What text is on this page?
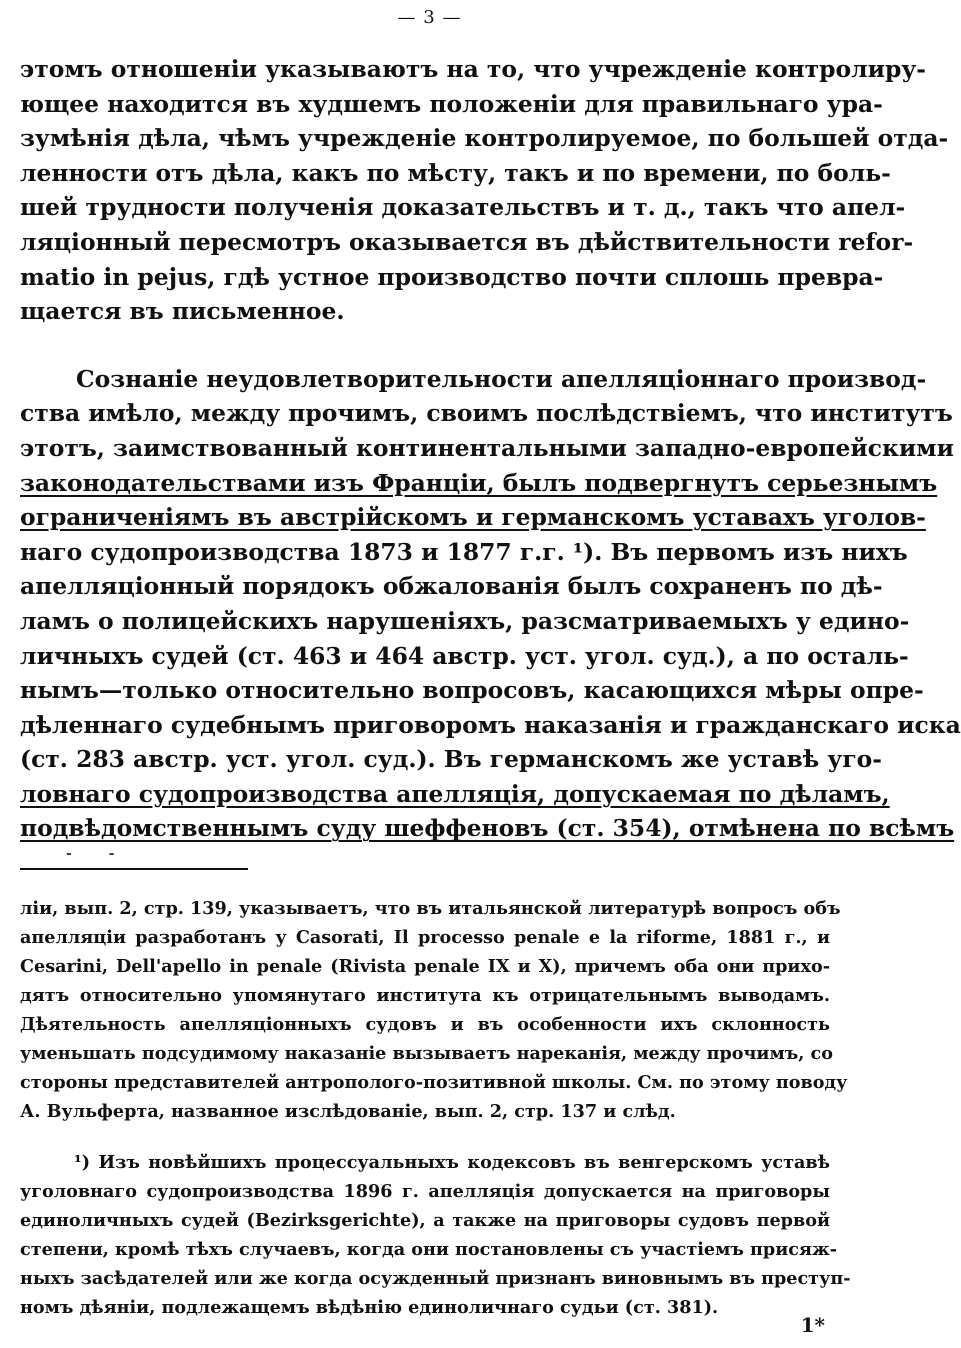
— 3 —
этомъ отношеніи указываютъ на то, что учрежденіе контролиру-
ющее находится въ худшемъ положеніи для правильнаго ура-
зумѣнія дѣла, чѣмъ учрежденіе контролируемое, по большей отда-
ленности отъ дѣла, какъ по мѣсту, такъ и по времени, по боль-
шей трудности полученія доказательствъ и т. д., такъ что апел-
ляціонный пересмотръ оказывается въ дѣйствительности refor-
matio in pejus, гдѣ устное производство почти сплошь превра-
щается въ письменное.
Сознаніе неудовлетворительности апелляціоннаго производ-
ства имѣло, между прочимъ, своимъ послѣдствіемъ, что институтъ
этотъ, заимствованный континентальными западно-европейскими
законодательствами изъ Франціи, былъ подвергнутъ серьезнымъ
ограниченіямъ въ австрійскомъ и германскомъ уставахъ уголов-
наго судопроизводства 1873 и 1877 г.г. ¹). Въ первомъ изъ нихъ
апелляціонный порядокъ обжалованія былъ сохраненъ по дѣ-
ламъ о полицейскихъ нарушеніяхъ, разсматриваемыхъ у едино-
личныхъ судей (ст. 463 и 464 австр. уст. угол. суд.), а по осталь-
нымъ—только относительно вопросовъ, касающихся мѣры опре-
дѣленнаго судебнымъ приговоромъ наказанія и гражданскаго иска
(ст. 283 австр. уст. угол. суд.). Въ германскомъ же уставѣ уго-
ловнаго судопроизводства апелляція, допускаемая по дѣламъ,
подвѣдомственнымъ суду шеффеновъ (ст. 354), отмѣнена по всѣмъ
- -
ліи, вып. 2, стр. 139, указываетъ, что въ итальянской литературѣ вопросъ объ
апелляціи разработанъ у Casorati, Il processo penale e la riforme, 1881 г., и
Cesarini, Dell'apello in penale (Rivista penale IX и X), причемъ оба они прихо-
дятъ относительно упомянутаго института къ отрицательнымъ выводамъ.
Дѣятельность апелляціонныхъ судовъ и въ особенности ихъ склонность
уменьшать подсудимому наказаніе вызываетъ нареканія, между прочимъ, со
стороны представителей антрополого-позитивной школы. См. по этому поводу
А. Вульферта, названное изслѣдованіе, вып. 2, стр. 137 и слѣд.
¹) Изъ новѣйшихъ процессуальныхъ кодексовъ въ венгерскомъ уставѣ
уголовнаго судопроизводства 1896 г. апелляція допускается на приговоры
единоличныхъ судей (Bezirksgerichte), а также на приговоры судовъ первой
степени, кромѣ тѣхъ случаевъ, когда они постановлены съ участіемъ присяж-
ныхъ засѣдателей или же когда осужденный признанъ виновнымъ въ преступ-
номъ дѣяніи, подлежащемъ вѣдѣнію единоличнаго судьи (ст. 381).
1*
